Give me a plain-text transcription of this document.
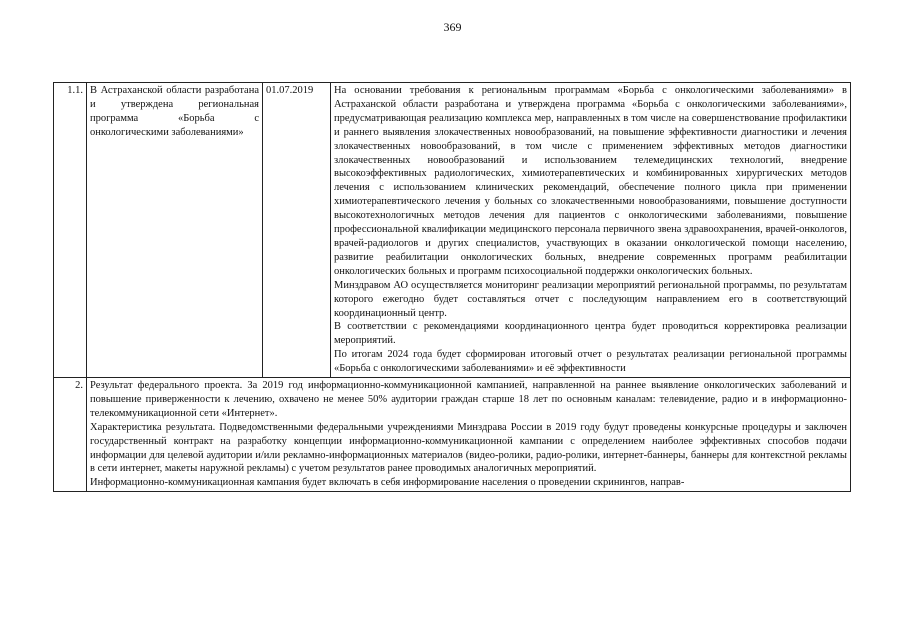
369
1.1.	В Астраханской области разработана и утверждена региональная программа «Борьба с онкологическими заболеваниями»	01.07.2019	На основании требования к региональным программам «Борьба с онкологическими заболеваниями» в Астраханской области разработана и утверждена программа «Борьба с онкологическими заболеваниями», предусматривающая реализацию комплекса мер, направленных в том числе на совершенствование профилактики и раннего выявления злокачественных новообразований, на повышение эффективности диагностики и лечения злокачественных новообразований, в том числе с применением эффективных методов диагностики злокачественных новообразований и использованием телемедицинских технологий, внедрение высокоэффективных радиологических, химиотерапевтических и комбинированных хирургических методов лечения с использованием клинических рекомендаций, обеспечение полного цикла при применении химиотерапевтического лечения у больных со злокачественными новообразованиями, повышение доступности высокотехнологичных методов лечения для пациентов с онкологическими заболеваниями, повышение профессиональной квалификации медицинского персонала первичного звена здравоохранения, врачей-онкологов, врачей-радиологов и других специалистов, участвующих в оказании онкологической помощи населению, развитие реабилитации онкологических больных, внедрение современных программ реабилитации онкологических больных и программ психосоциальной поддержки онкологических больных.

Минздравом АО осуществляется мониторинг реализации мероприятий региональной программы, по результатам которого ежегодно будет составляться отчет с последующим направлением его в соответствующий координационный центр.

В соответствии с рекомендациями координационного центра будет проводиться корректировка реализации мероприятий.

По итогам 2024 года будет сформирован итоговый отчет о результатах реализации региональной программы «Борьба с онкологическими заболеваниями» и её эффективности

2.	Результат федерального проекта. За 2019 год информационно-коммуникационной кампанией, направленной на раннее выявление онкологических заболеваний и повышение приверженности к лечению, охвачено не менее 50% аудитории граждан старше 18 лет по основным каналам: телевидение, радио и в информационно-телекоммуникационной сети «Интернет».

Характеристика результата. Подведомственными федеральными учреждениями Минздрава России в 2019 году будут проведены конкурсные процедуры и заключен государственный контракт на разработку концепции информационно-коммуникационной кампании с определением наиболее эффективных способов подачи информации для целевой аудитории и/или рекламно-информационных материалов (видео-ролики, радио-ролики, интернет-баннеры, баннеры для контекстной рекламы в сети интернет, макеты наружной рекламы) с учетом результатов ранее проводимых аналогичных мероприятий.

Информационно-коммуникационная кампания будет включать в себя информирование населения о проведении скринингов, направ-		
